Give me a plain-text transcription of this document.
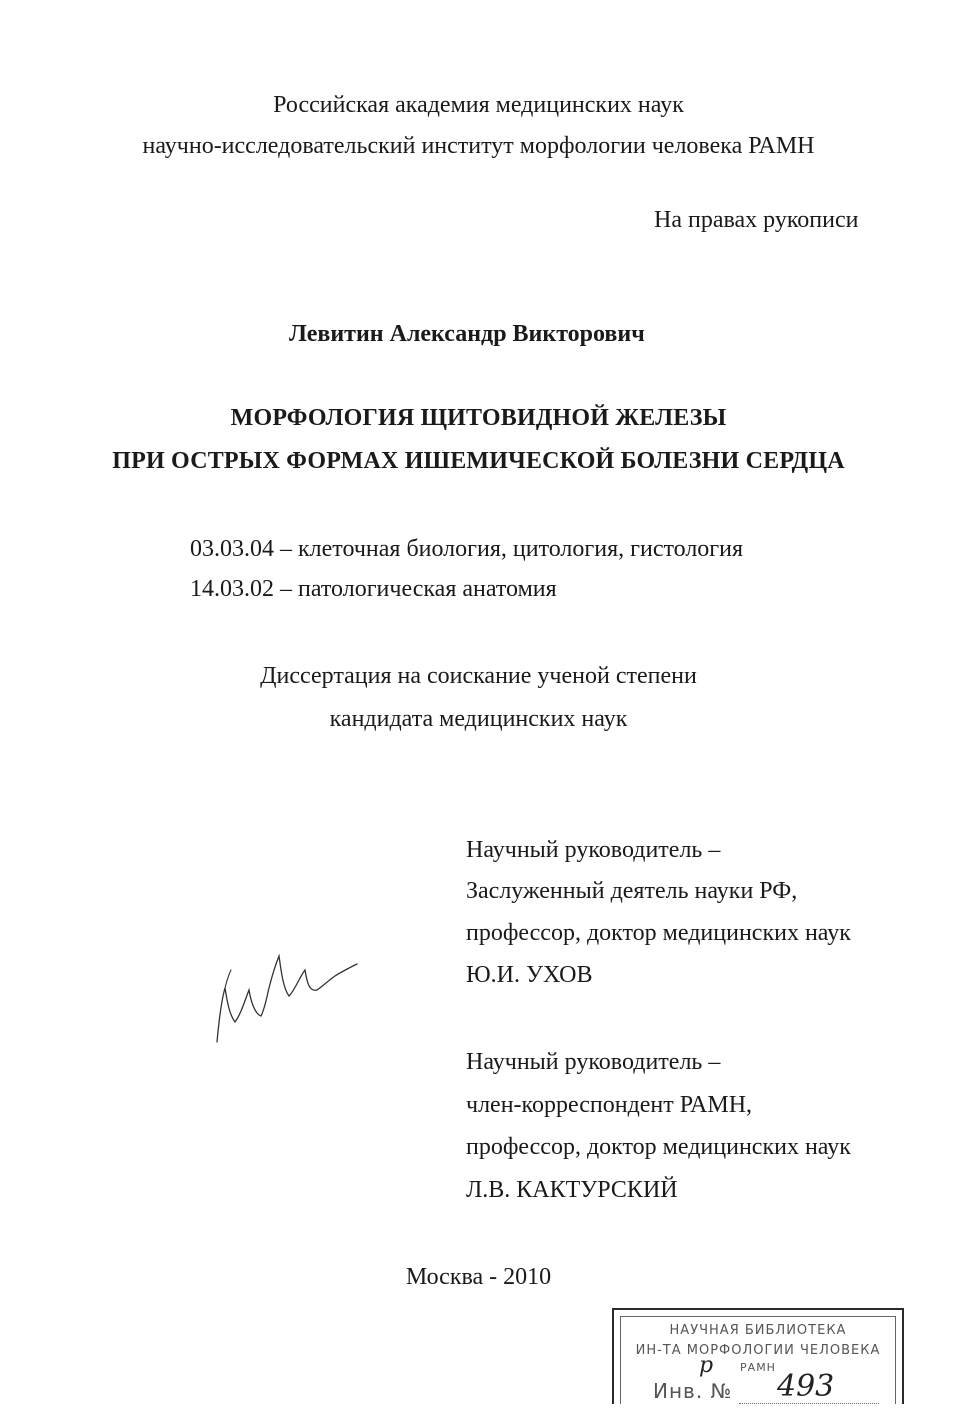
Российская академия медицинских наук
научно-исследовательский институт морфологии человека РАМН
На правах рукописи
Левитин Александр Викторович
МОРФОЛОГИЯ ЩИТОВИДНОЙ ЖЕЛЕЗЫ
ПРИ ОСТРЫХ ФОРМАХ ИШЕМИЧЕСКОЙ БОЛЕЗНИ СЕРДЦА
03.03.04 – клеточная биология, цитология, гистология
14.03.02 – патологическая анатомия
Диссертация на соискание ученой степени
кандидата медицинских наук
Научный руководитель –
Заслуженный деятель науки РФ,
профессор, доктор медицинских наук
Ю.И. УХОВ
Научный руководитель –
член-корреспондент РАМН,
профессор, доктор медицинских наук
Л.В. КАКТУРСКИЙ
Москва - 2010
НАУЧНАЯ БИБЛИОТЕКА
ИН-ТА МОРФОЛОГИИ ЧЕЛОВЕКА
РАМН
р
Инв. № 493
